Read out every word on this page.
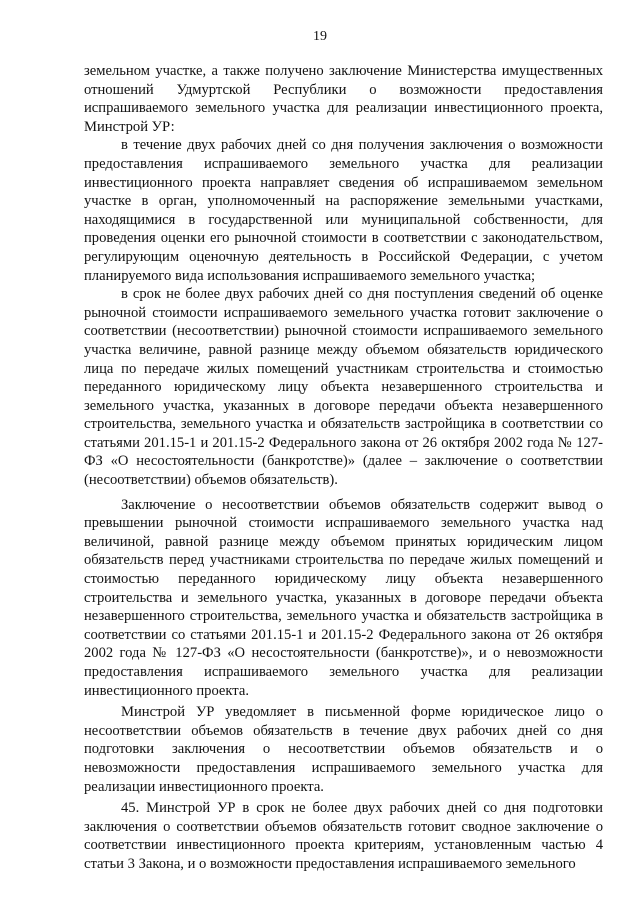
19

земельном участке, а также получено заключение Министерства имущественных отношений Удмуртской Республики о возможности предоставления испрашиваемого земельного участка для реализации инвестиционного проекта, Минстрой УР:

в течение двух рабочих дней со дня получения заключения о возможности предоставления испрашиваемого земельного участка для реализации инвестиционного проекта направляет сведения об испрашиваемом земельном участке в орган, уполномоченный на распоряжение земельными участками, находящимися в государственной или муниципальной собственности, для проведения оценки его рыночной стоимости в соответствии с законодательством, регулирующим оценочную деятельность в Российской Федерации, с учетом планируемого вида использования испрашиваемого земельного участка;

в срок не более двух рабочих дней со дня поступления сведений об оценке рыночной стоимости испрашиваемого земельного участка готовит заключение о соответствии (несоответствии) рыночной стоимости испрашиваемого земельного участка величине, равной разнице между объемом обязательств юридического лица по передаче жилых помещений участникам строительства и стоимостью переданного юридическому лицу объекта незавершенного строительства и земельного участка, указанных в договоре передачи объекта незавершенного строительства, земельного участка и обязательств застройщика в соответствии со статьями 201.15-1 и 201.15-2 Федерального закона от 26 октября 2002 года № 127-ФЗ «О несостоятельности (банкротстве)» (далее – заключение о соответствии (несоответствии) объемов обязательств).

Заключение о несоответствии объемов обязательств содержит вывод о превышении рыночной стоимости испрашиваемого земельного участка над величиной, равной разнице между объемом принятых юридическим лицом обязательств перед участниками строительства по передаче жилых помещений и стоимостью переданного юридическому лицу объекта незавершенного строительства и земельного участка, указанных в договоре передачи объекта незавершенного строительства, земельного участка и обязательств застройщика в соответствии со статьями 201.15-1 и 201.15-2 Федерального закона от 26 октября 2002 года № 127-ФЗ «О несостоятельности (банкротстве)», и о невозможности предоставления испрашиваемого земельного участка для реализации инвестиционного проекта.

Минстрой УР уведомляет в письменной форме юридическое лицо о несоответствии объемов обязательств в течение двух рабочих дней со дня подготовки заключения о несоответствии объемов обязательств и о невозможности предоставления испрашиваемого земельного участка для реализации инвестиционного проекта.

45. Минстрой УР в срок не более двух рабочих дней со дня подготовки заключения о соответствии объемов обязательств готовит сводное заключение о соответствии инвестиционного проекта критериям, установленным частью 4 статьи 3 Закона, и о возможности предоставления испрашиваемого земельного
